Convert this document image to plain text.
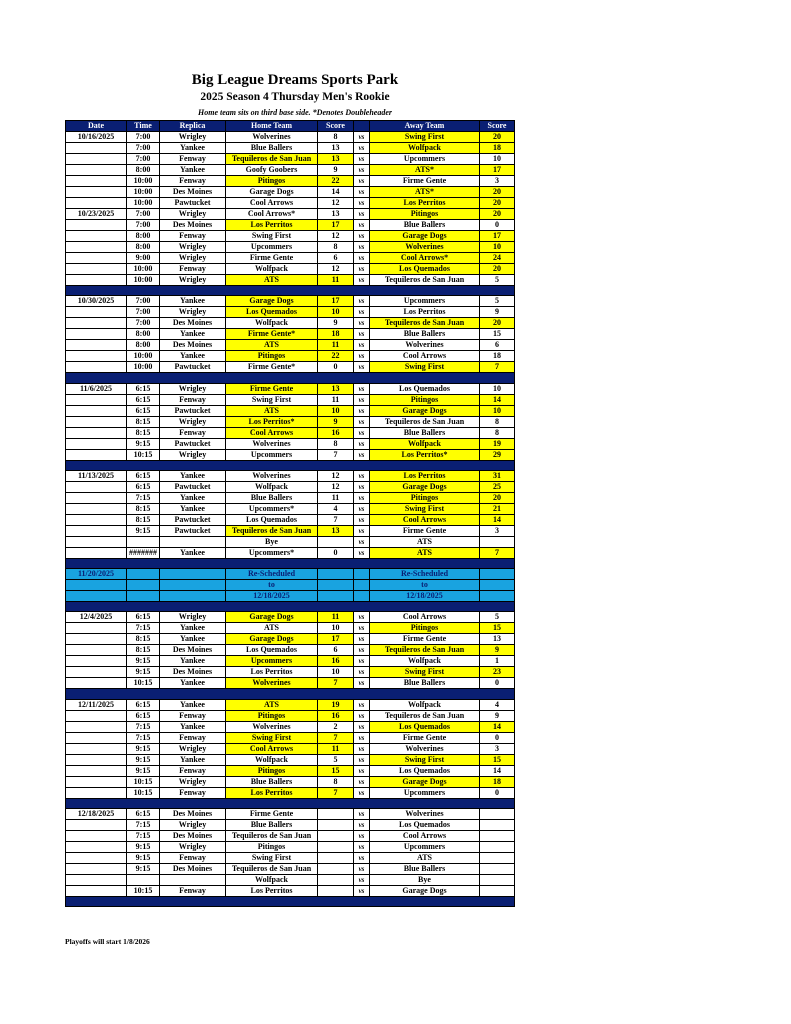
Big League Dreams Sports Park
2025 Season 4 Thursday Men's Rookie
Home team sits on third base side. *Denotes Doubleheader
Date	Time	Replica	Home Team	Score		Away Team	Score
10/16/2025	7:00	Wrigley	Wolverines	8	vs	Swing First	20
	7:00	Yankee	Blue Ballers	13	vs	Wolfpack	18
	7:00	Fenway	Tequileros de San Juan	13	vs	Upcommers	10
	8:00	Yankee	Goofy Goobers	9	vs	ATS*	17
	10:00	Fenway	Pitingos	22	vs	Firme Gente	3
	10:00	Des Moines	Garage Dogs	14	vs	ATS*	20
	10:00	Pawtucket	Cool Arrows	12	vs	Los Perritos	20
10/23/2025	7:00	Wrigley	Cool Arrows*	13	vs	Pitingos	20
	7:00	Des Moines	Los Perritos	17	vs	Blue Ballers	0
	8:00	Fenway	Swing First	12	vs	Garage Dogs	17
	8:00	Wrigley	Upcommers	8	vs	Wolverines	10
	9:00	Wrigley	Firme Gente	6	vs	Cool Arrows*	24
	10:00	Fenway	Wolfpack	12	vs	Los Quemados	20
	10:00	Wrigley	ATS	11	vs	Tequileros de San Juan	5

10/30/2025	7:00	Yankee	Garage Dogs	17	vs	Upcommers	5
	7:00	Wrigley	Los Quemados	10	vs	Los Perritos	9
	7:00	Des Moines	Wolfpack	9	vs	Tequileros de San Juan	20
	8:00	Yankee	Firme Gente*	18	vs	Blue Ballers	15
	8:00	Des Moines	ATS	11	vs	Wolverines	6
	10:00	Yankee	Pitingos	22	vs	Cool Arrows	18
	10:00	Pawtucket	Firme Gente*	0	vs	Swing First	7

11/6/2025	6:15	Wrigley	Firme Gente	13	vs	Los Quemados	10
	6:15	Fenway	Swing First	11	vs	Pitingos	14
	6:15	Pawtucket	ATS	10	vs	Garage Dogs	10
	8:15	Wrigley	Los Perritos*	9	vs	Tequileros de San Juan	8
	8:15	Fenway	Cool Arrows	16	vs	Blue Ballers	8
	9:15	Pawtucket	Wolverines	8	vs	Wolfpack	19
	10:15	Wrigley	Upcommers	7	vs	Los Perritos*	29

11/13/2025	6:15	Yankee	Wolverines	12	vs	Los Perritos	31
	6:15	Pawtucket	Wolfpack	12	vs	Garage Dogs	25
	7:15	Yankee	Blue Ballers	11	vs	Pitingos	20
	8:15	Yankee	Upcommers*	4	vs	Swing First	21
	8:15	Pawtucket	Los Quemados	7	vs	Cool Arrows	14
	9:15	Pawtucket	Tequileros de San Juan	13	vs	Firme Gente	3
			Bye		vs	ATS	
	#######	Yankee	Upcommers*	0	vs	ATS	7

11/20/2025			Re-Scheduled			Re-Scheduled	
			to			to	
			12/18/2025			12/18/2025	

12/4/2025	6:15	Wrigley	Garage Dogs	11	vs	Cool Arrows	5
	7:15	Yankee	ATS	10	vs	Pitingos	15
	8:15	Yankee	Garage Dogs	17	vs	Firme Gente	13
	8:15	Des Moines	Los Quemados	6	vs	Tequileros de San Juan	9
	9:15	Yankee	Upcommers	16	vs	Wolfpack	1
	9:15	Des Moines	Los Perritos	10	vs	Swing First	23
	10:15	Yankee	Wolverines	7	vs	Blue Ballers	0

12/11/2025	6:15	Yankee	ATS	19	vs	Wolfpack	4
	6:15	Fenway	Pitingos	16	vs	Tequileros de San Juan	9
	7:15	Yankee	Wolverines	2	vs	Los Quemados	14
	7:15	Fenway	Swing First	7	vs	Firme Gente	0
	9:15	Wrigley	Cool Arrows	11	vs	Wolverines	3
	9:15	Yankee	Wolfpack	5	vs	Swing First	15
	9:15	Fenway	Pitingos	15	vs	Los Quemados	14
	10:15	Wrigley	Blue Ballers	8	vs	Garage Dogs	18
	10:15	Fenway	Los Perritos	7	vs	Upcommers	0

12/18/2025	6:15	Des Moines	Firme Gente		vs	Wolverines	
	7:15	Wrigley	Blue Ballers		vs	Los Quemados	
	7:15	Des Moines	Tequileros de San Juan		vs	Cool Arrows	
	9:15	Wrigley	Pitingos		vs	Upcommers	
	9:15	Fenway	Swing First		vs	ATS	
	9:15	Des Moines	Tequileros de San Juan		vs	Blue Ballers	
			Wolfpack		vs	Bye	
	10:15	Fenway	Los Perritos		vs	Garage Dogs	

Playoffs will start 1/8/2026
